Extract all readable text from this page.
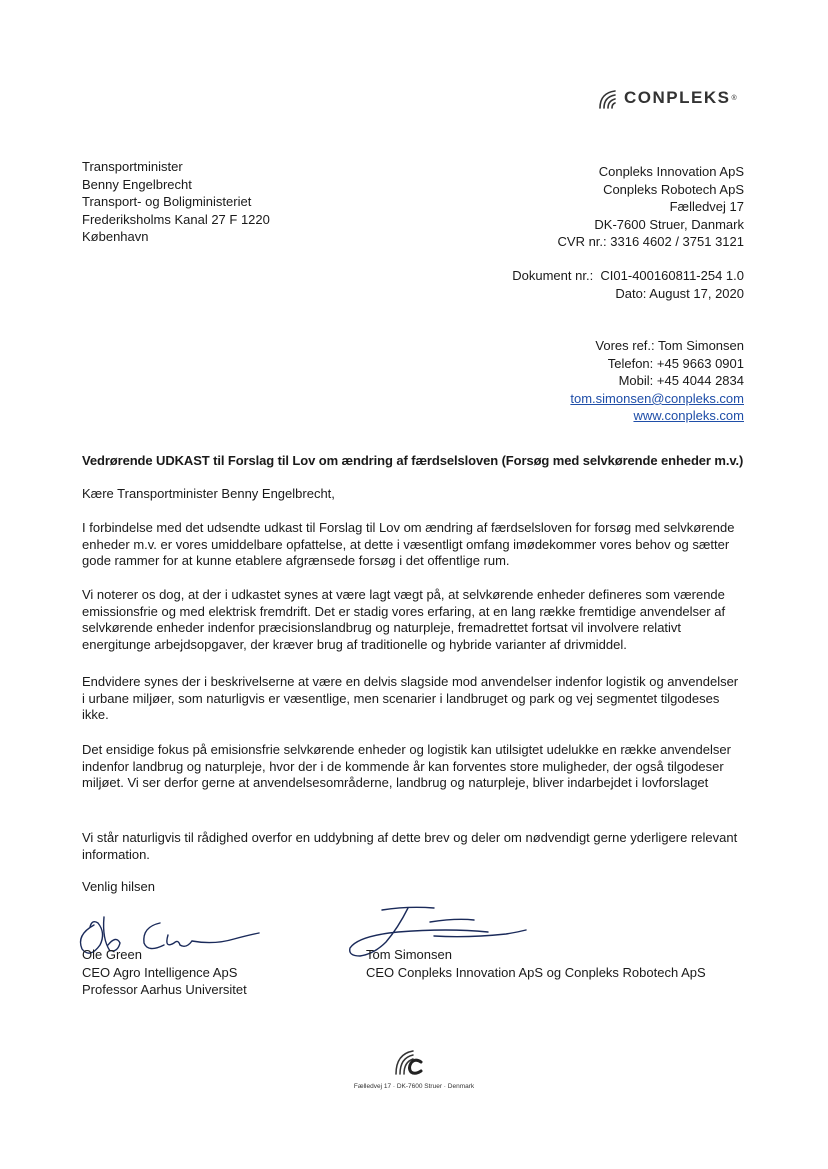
CONPLEKS ®
Transportminister
Benny Engelbrecht
Transport- og Boligministeriet
Frederiksholms Kanal 27 F 1220
København
Conpleks Innovation ApS
Conpleks Robotech ApS
Fælledvej 17
DK-7600 Struer, Danmark
CVR nr.: 3316 4602 / 3751 3121
Dokument nr.:  CI01-400160811-254 1.0
Dato: August 17, 2020
Vores ref.: Tom Simonsen
Telefon: +45 9663 0901
Mobil: +45 4044 2834
tom.simonsen@conpleks.com
www.conpleks.com
Vedrørende UDKAST til Forslag til Lov om ændring af færdselsloven (Forsøg med selvkørende enheder m.v.)
Kære Transportminister Benny Engelbrecht,
I forbindelse med det udsendte udkast til Forslag til Lov om ændring af færdselsloven for forsøg med selvkørende enheder m.v. er vores umiddelbare opfattelse, at dette i væsentligt omfang imødekommer vores behov og sætter gode rammer for at kunne etablere afgrænsede forsøg i det offentlige rum.
Vi noterer os dog, at der i udkastet synes at være lagt vægt på, at selvkørende enheder defineres som værende emissionsfrie og med elektrisk fremdrift. Det er stadig vores erfaring, at en lang række fremtidige anvendelser af selvkørende enheder indenfor præcisionslandbrug og naturpleje, fremadrettet fortsat vil involvere relativt energitunge arbejdsopgaver, der kræver brug af traditionelle og hybride varianter af drivmiddel.
Endvidere synes der i beskrivelserne at være en delvis slagside mod anvendelser indenfor logistik og anvendelser i urbane miljøer, som naturligvis er væsentlige, men scenarier i landbruget og park og vej segmentet tilgodeses ikke.
Det ensidige fokus på emisionsfrie selvkørende enheder og logistik kan utilsigtet udelukke en række anvendelser indenfor landbrug og naturpleje, hvor der i de kommende år kan forventes store muligheder, der også tilgodeser miljøet. Vi ser derfor gerne at anvendelsesområderne, landbrug og naturpleje, bliver indarbejdet i lovforslaget
Vi står naturligvis til rådighed overfor en uddybning af dette brev og deler om nødvendigt gerne yderligere relevant information.
Venlig hilsen
Ole Green
CEO Agro Intelligence ApS
Professor Aarhus Universitet
Tom Simonsen
CEO Conpleks Innovation ApS og Conpleks Robotech ApS
Fælledvej 17 · DK-7600 Struer · Denmark
